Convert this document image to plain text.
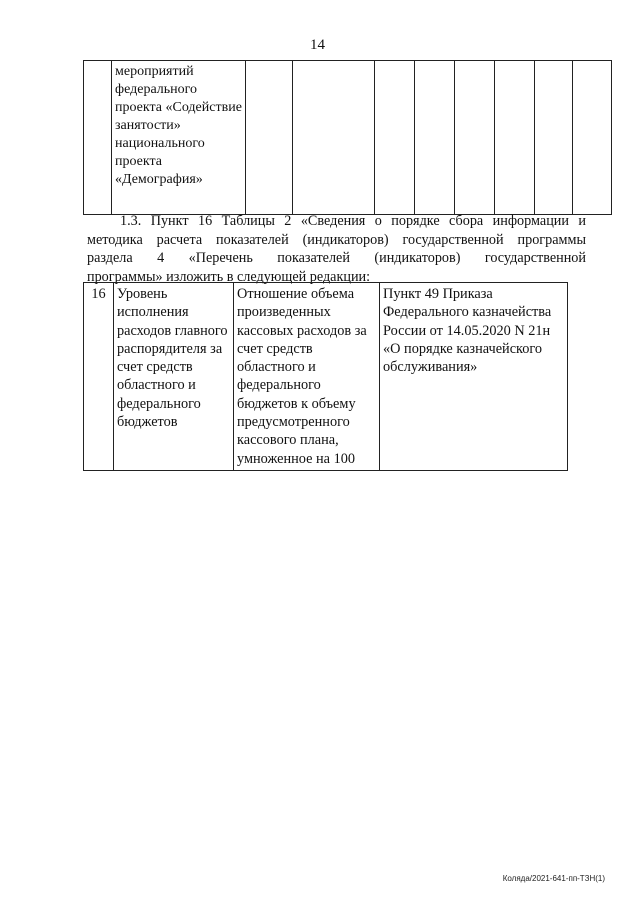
14
	мероприятий федерального проекта «Содействие занятости» национального проекта «Демография»								
1.3. Пункт 16 Таблицы 2 «Сведения о порядке сбора информации и
методика расчета показателей (индикаторов) государственной программы
раздела 4 «Перечень показателей (индикаторов) государственной
программы» изложить в следующей редакции:
16	Уровень исполнения расходов главного распорядителя за счет средств областного и федерального бюджетов	Отношение объема произведенных кассовых расходов за счет средств областного и федерального бюджетов к объему предусмотренного кассового плана, умноженное на 100	Пункт 49 Приказа Федерального казначейства России от 14.05.2020 N 21н «О порядке казначейского обслуживания»
Коляда/2021-641-пп-ТЗН(1)
